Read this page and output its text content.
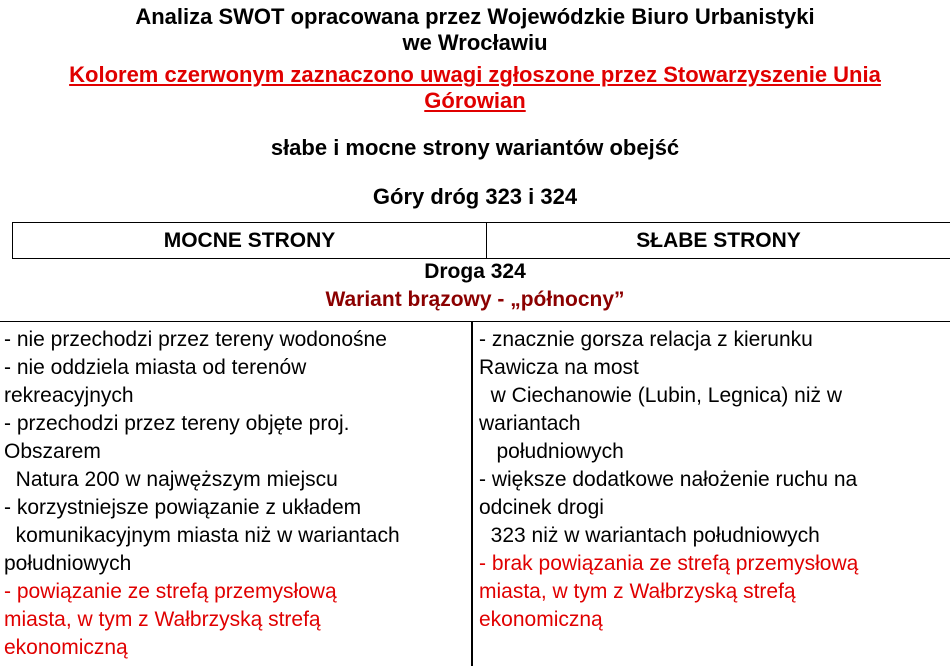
Analiza SWOT opracowana przez Wojewódzkie Biuro Urbanistyki
we Wrocławiu
Kolorem czerwonym zaznaczono uwagi zgłoszone przez Stowarzyszenie Unia
Górowian
słabe i mocne strony wariantów obejść
Góry dróg 323 i 324
MOCNE STRONY	SŁABE STRONY
Droga 324
Wariant brązowy - „północny”
- nie przechodzi przez tereny wodonośne
- nie oddziela miasta od terenów
rekreacyjnych
- przechodzi przez tereny objęte proj.
Obszarem
Natura 200 w najwęższym miejscu
- korzystniejsze powiązanie z układem
komunikacyjnym miasta niż w wariantach
południowych
- powiązanie ze strefą przemysłową
miasta, w tym z Wałbrzyską strefą
ekonomiczną
- znacznie gorsza relacja z kierunku
Rawicza na most
w Ciechanowie (Lubin, Legnica) niż w
wariantach
południowych
- większe dodatkowe nałożenie ruchu na
odcinek drogi
323 niż w wariantach południowych
- brak powiązania ze strefą przemysłową
miasta, w tym z Wałbrzyską strefą
ekonomiczną
